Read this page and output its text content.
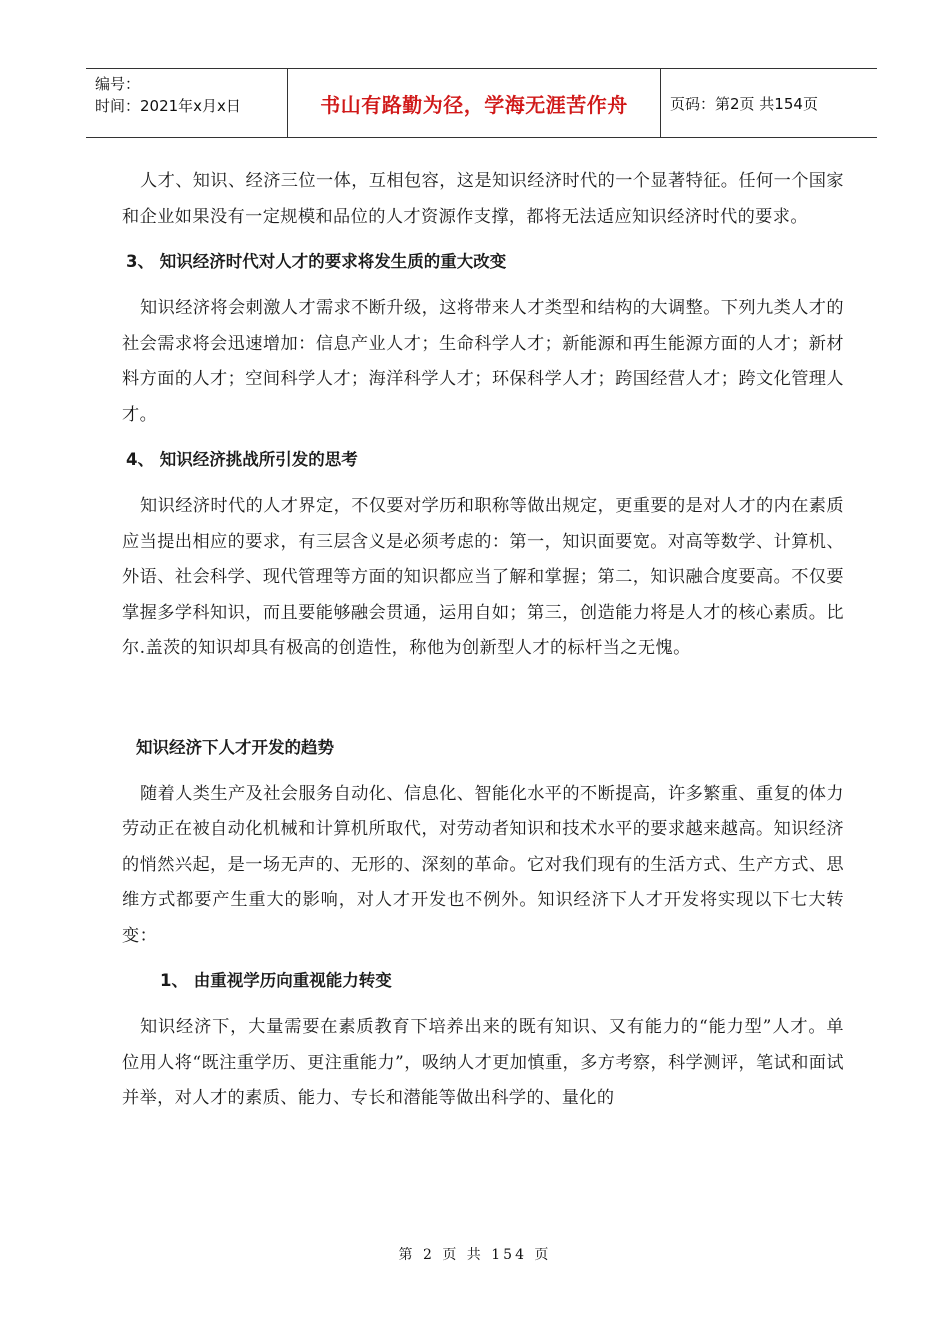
编号：
时间：2021年x月x日	书山有路勤为径，学海无涯苦作舟	页码：第2页 共154页

人才、知识、经济三位一体，互相包容，这是知识经济时代的一个显著特征。任何一个国家和企业如果没有一定规模和品位的人才资源作支撑，都将无法适应知识经济时代的要求。

3、 知识经济时代对人才的要求将发生质的重大改变

知识经济将会刺激人才需求不断升级，这将带来人才类型和结构的大调整。下列九类人才的社会需求将会迅速增加：信息产业人才；生命科学人才；新能源和再生能源方面的人才；新材料方面的人才；空间科学人才；海洋科学人才；环保科学人才；跨国经营人才；跨文化管理人才。

4、 知识经济挑战所引发的思考

知识经济时代的人才界定，不仅要对学历和职称等做出规定，更重要的是对人才的内在素质应当提出相应的要求，有三层含义是必须考虑的：第一，知识面要宽。对高等数学、计算机、外语、社会科学、现代管理等方面的知识都应当了解和掌握；第二，知识融合度要高。不仅要掌握多学科知识，而且要能够融会贯通，运用自如；第三，创造能力将是人才的核心素质。比尔.盖茨的知识却具有极高的创造性，称他为创新型人才的标杆当之无愧。

知识经济下人才开发的趋势

随着人类生产及社会服务自动化、信息化、智能化水平的不断提高，许多繁重、重复的体力劳动正在被自动化机械和计算机所取代，对劳动者知识和技术水平的要求越来越高。知识经济的悄然兴起，是一场无声的、无形的、深刻的革命。它对我们现有的生活方式、生产方式、思维方式都要产生重大的影响，对人才开发也不例外。知识经济下人才开发将实现以下七大转变：

1、 由重视学历向重视能力转变

知识经济下，大量需要在素质教育下培养出来的既有知识、又有能力的“能力型”人才。单位用人将“既注重学历、更注重能力”，吸纳人才更加慎重，多方考察，科学测评，笔试和面试并举，对人才的素质、能力、专长和潜能等做出科学的、量化的

第 2 页 共 154 页
